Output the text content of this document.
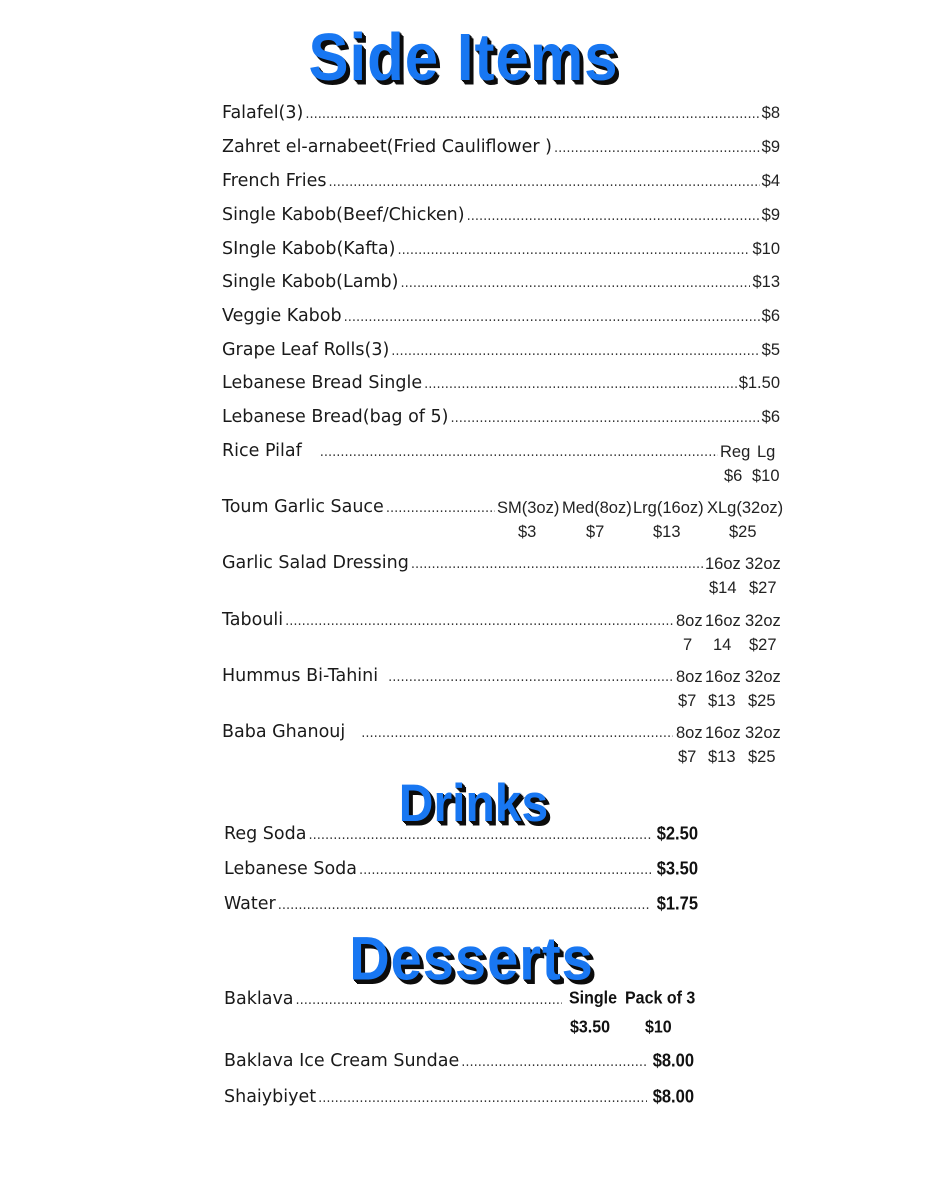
Side Items
Falafel(3) .....	$8
Zahret el-arnabeet(Fried Cauliflower ) .....	$9
French Fries .....	$4
Single Kabob(Beef/Chicken) .....	$9
SIngle Kabob(Kafta) .....	$10
Single Kabob(Lamb) .....	$13
Veggie Kabob .....	$6
Grape Leaf Rolls(3) .....	$5
Lebanese Bread Single .....	$1.50
Lebanese Bread(bag of 5) .....	$6
Rice Pilaf .....	Reg Lg
$6 $10
Toum Garlic Sauce .....	SM(3oz) Med(8oz) Lrg(16oz) XLg(32oz)
$3	$7	$13	$25
Garlic Salad Dressing .....	16oz 32oz
$14 $27
Tabouli .....	8oz 16oz 32oz
7 14 $27
Hummus Bi-Tahini .....	8oz 16oz 32oz
$7 $13 $25
Baba Ghanouj .....	8oz 16oz 32oz
$7 $13 $25
Drinks
Reg Soda .....	$2.50
Lebanese Soda .....	$3.50
Water .....	$1.75
Desserts
Baklava .....	Single Pack of 3
$3.50 $10
Baklava Ice Cream Sundae .....	$8.00
Shaiybiyet .....	$8.00
